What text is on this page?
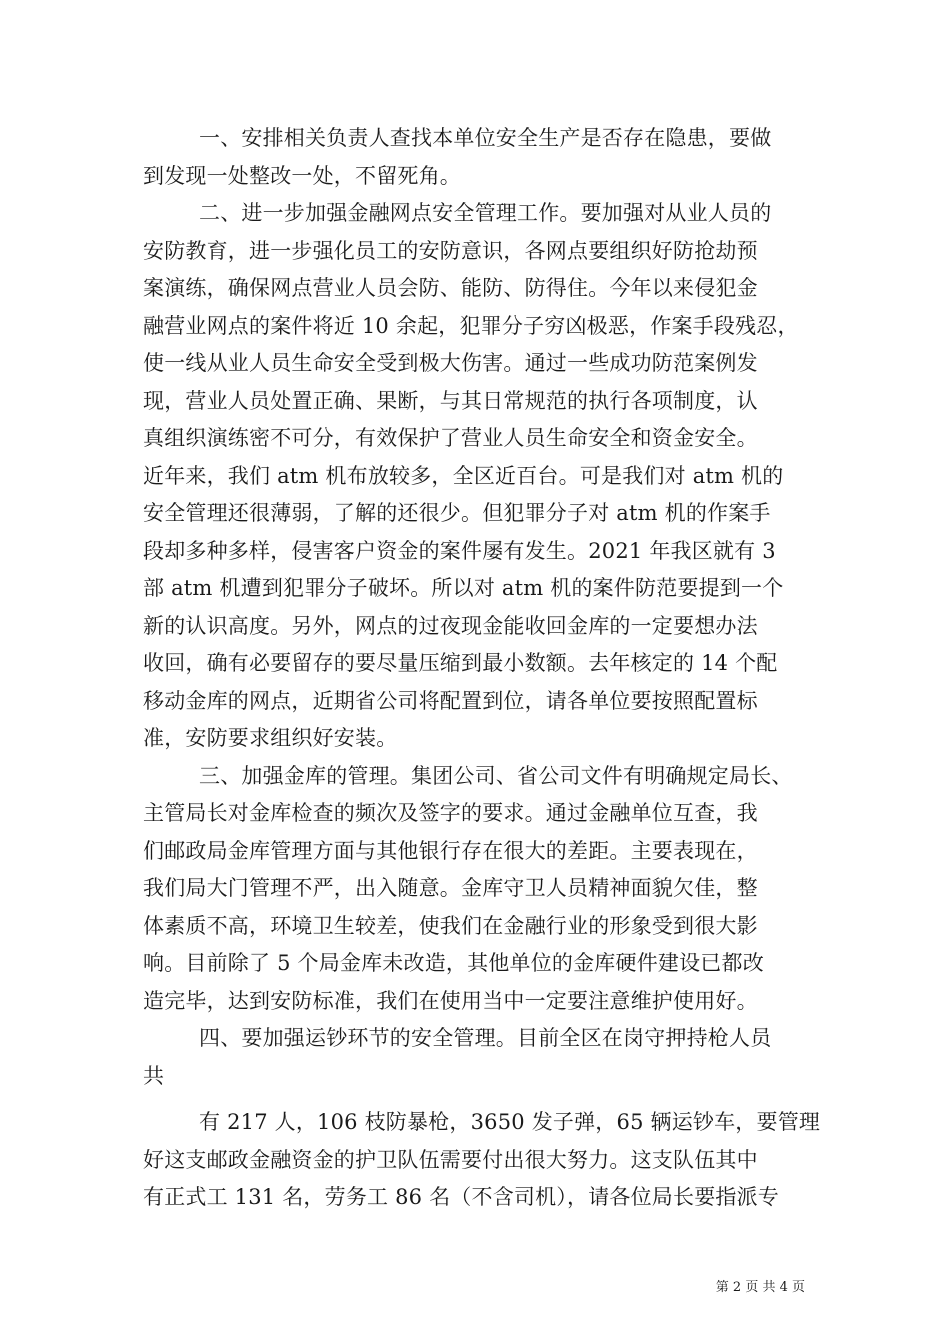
一、安排相关负责人查找本单位安全生产是否存在隐患，要做
到发现一处整改一处，不留死角。
二、进一步加强金融网点安全管理工作。要加强对从业人员的
安防教育，进一步强化员工的安防意识，各网点要组织好防抢劫预
案演练，确保网点营业人员会防、能防、防得住。今年以来侵犯金
融营业网点的案件将近 10 余起，犯罪分子穷凶极恶，作案手段残忍，
使一线从业人员生命安全受到极大伤害。通过一些成功防范案例发
现，营业人员处置正确、果断，与其日常规范的执行各项制度，认
真组织演练密不可分，有效保护了营业人员生命安全和资金安全。
近年来，我们 atm 机布放较多，全区近百台。可是我们对 atm 机的
安全管理还很薄弱，了解的还很少。但犯罪分子对 atm 机的作案手
段却多种多样，侵害客户资金的案件屡有发生。2021 年我区就有 3
部 atm 机遭到犯罪分子破坏。所以对 atm 机的案件防范要提到一个
新的认识高度。另外，网点的过夜现金能收回金库的一定要想办法
收回，确有必要留存的要尽量压缩到最小数额。去年核定的 14 个配
移动金库的网点，近期省公司将配置到位，请各单位要按照配置标
准，安防要求组织好安装。
三、加强金库的管理。集团公司、省公司文件有明确规定局长、
主管局长对金库检查的频次及签字的要求。通过金融单位互查，我
们邮政局金库管理方面与其他银行存在很大的差距。主要表现在，
我们局大门管理不严，出入随意。金库守卫人员精神面貌欠佳，整
体素质不高，环境卫生较差，使我们在金融行业的形象受到很大影
响。目前除了 5 个局金库未改造，其他单位的金库硬件建设已都改
造完毕，达到安防标准，我们在使用当中一定要注意维护使用好。
四、要加强运钞环节的安全管理。目前全区在岗守押持枪人员
共
有 217 人，106 枝防暴枪，3650 发子弹，65 辆运钞车，要管理
好这支邮政金融资金的护卫队伍需要付出很大努力。这支队伍其中
有正式工 131 名，劳务工 86 名（不含司机），请各位局长要指派专
第 2 页 共 4 页
